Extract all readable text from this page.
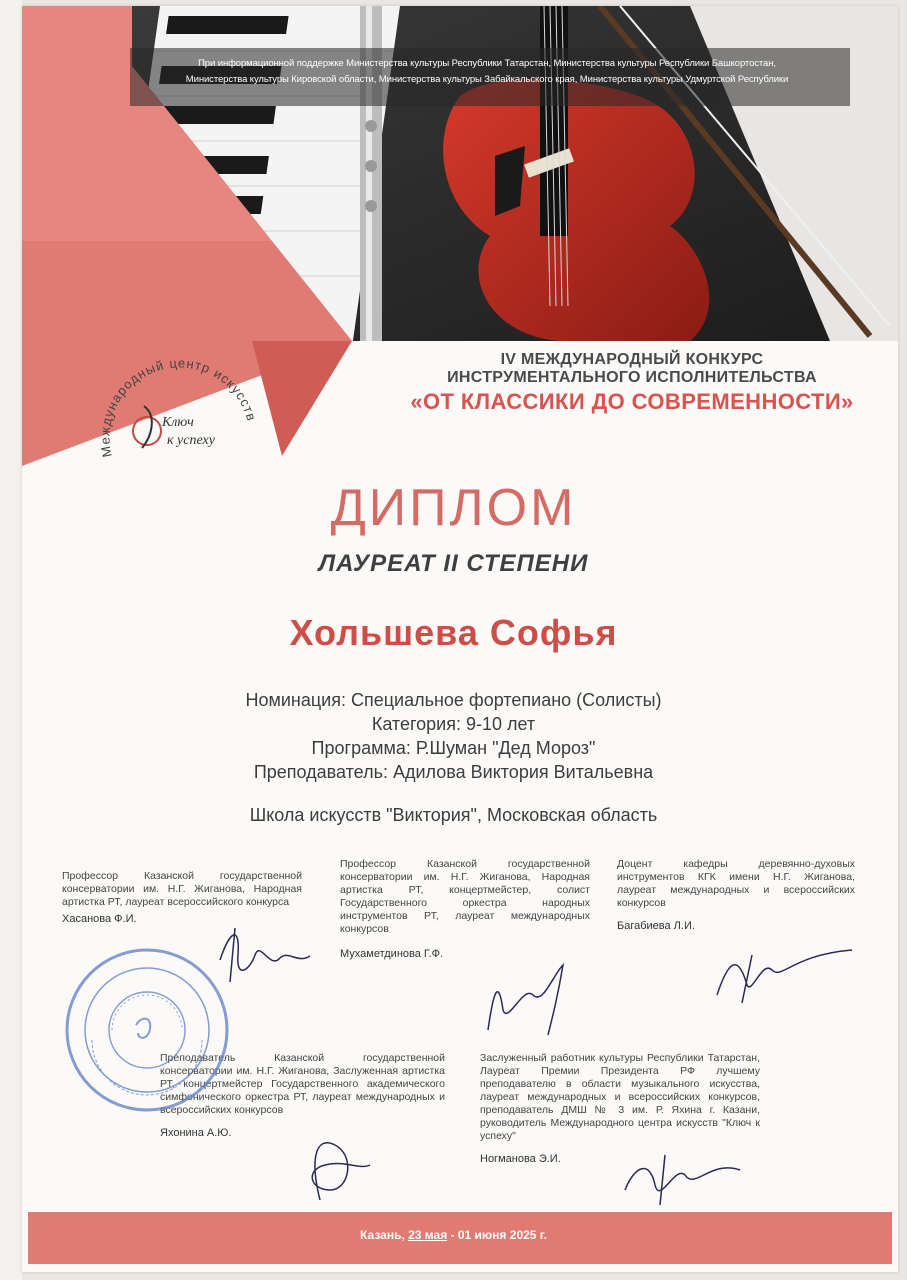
При информационной поддержке Министерства культуры Республики Татарстан, Министерства культуры Республики Башкортостан,
Министерства культуры Кировской области, Министерства культуры Забайкальского края, Министерства культуры Удмуртской Республики
Международный центр искусств
Ключ
к успеху
IV МЕЖДУНАРОДНЫЙ КОНКУРС
ИНСТРУМЕНТАЛЬНОГО ИСПОЛНИТЕЛЬСТВА
«ОТ КЛАССИКИ ДО СОВРЕМЕННОСТИ»
ДИПЛОМ
ЛАУРЕАТ II СТЕПЕНИ
Хольшева Софья
Номинация: Специальное фортепиано (Солисты)
Категория: 9-10 лет
Программа: Р.Шуман "Дед Мороз"
Преподаватель: Адилова Виктория Витальевна
Школа искусств "Виктория", Московская область
Профессор Казанской государственной консерватории им. Н.Г. Жиганова, Народная артистка РТ, лауреат всероссийского конкурса
Хасанова Ф.И.
Профессор Казанской государственной консерватории им. Н.Г. Жиганова, Народная артистка РТ, концертмейстер, солист Государственного оркестра народных инструментов РТ, лауреат международных конкурсов
Мухаметдинова Г.Ф.
Доцент кафедры деревянно-духовых инструментов КГК имени Н.Г. Жиганова, лауреат международных и всероссийских конкурсов
Багабиева Л.И.
Преподаватель Казанской государственной консерватории им. Н.Г. Жиганова, Заслуженная артистка РТ, концертмейстер Государственного академического симфонического оркестра РТ, лауреат международных и всероссийских конкурсов
Яхонина А.Ю.
Заслуженный работник культуры Республики Татарстан, Лауреат Премии Президента РФ лучшему преподавателю в области музыкального искусства, лауреат международных и всероссийских конкурсов, преподаватель ДМШ № 3 им. Р. Яхина г. Казани, руководитель Международного центра искусств "Ключ к успеху"
Ногманова Э.И.
Казань, 23 мая - 01 июня 2025 г.
